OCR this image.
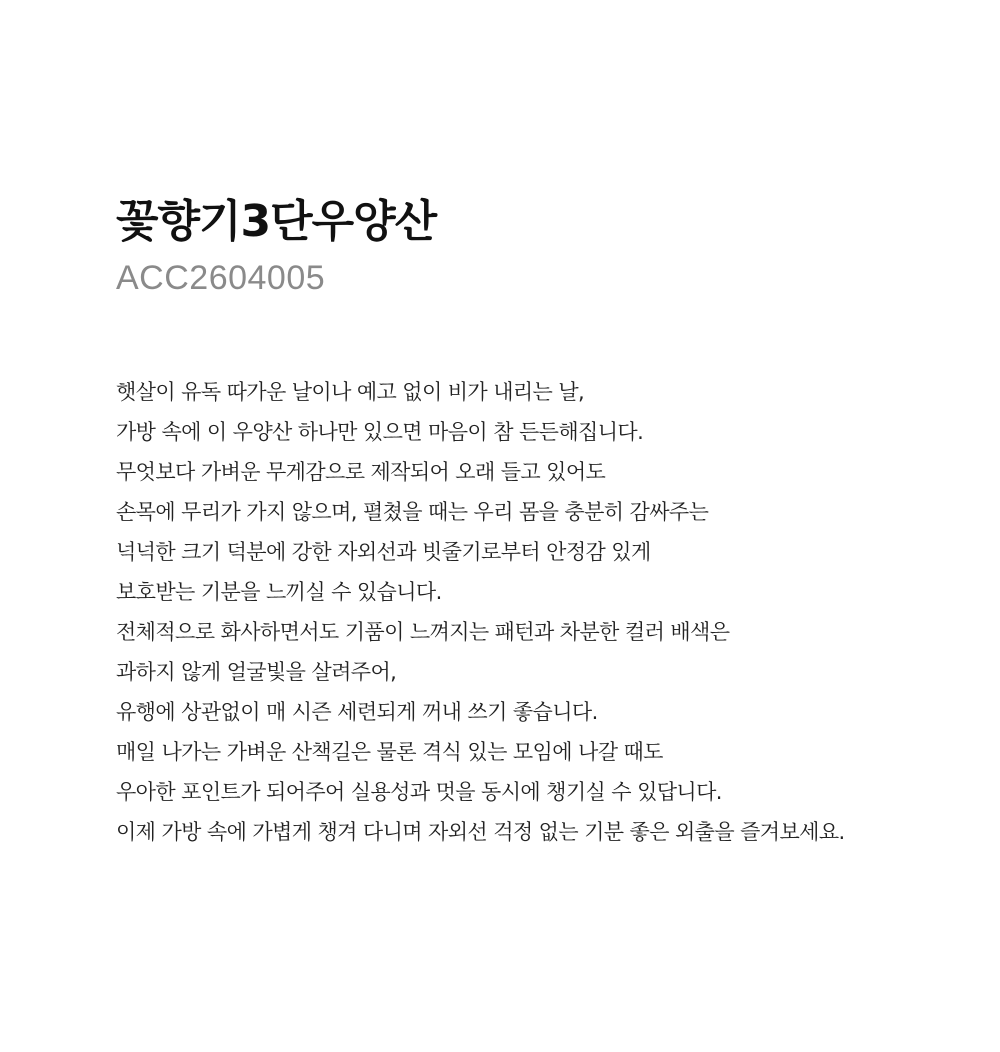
꽃향기3단우양산

ACC2604005

햇살이 유독 따가운 날이나 예고 없이 비가 내리는 날,

가방 속에 이 우양산 하나만 있으면 마음이 참 든든해집니다.

무엇보다 가벼운 무게감으로 제작되어 오래 들고 있어도

손목에 무리가 가지 않으며, 펼쳤을 때는 우리 몸을 충분히 감싸주는

넉넉한 크기 덕분에 강한 자외선과 빗줄기로부터 안정감 있게

보호받는 기분을 느끼실 수 있습니다.

전체적으로 화사하면서도 기품이 느껴지는 패턴과 차분한 컬러 배색은

과하지 않게 얼굴빛을 살려주어,

유행에 상관없이 매 시즌 세련되게 꺼내 쓰기 좋습니다.

매일 나가는 가벼운 산책길은 물론 격식 있는 모임에 나갈 때도

우아한 포인트가 되어주어 실용성과 멋을 동시에 챙기실 수 있답니다.

이제 가방 속에 가볍게 챙겨 다니며 자외선 걱정 없는 기분 좋은 외출을 즐겨보세요.
